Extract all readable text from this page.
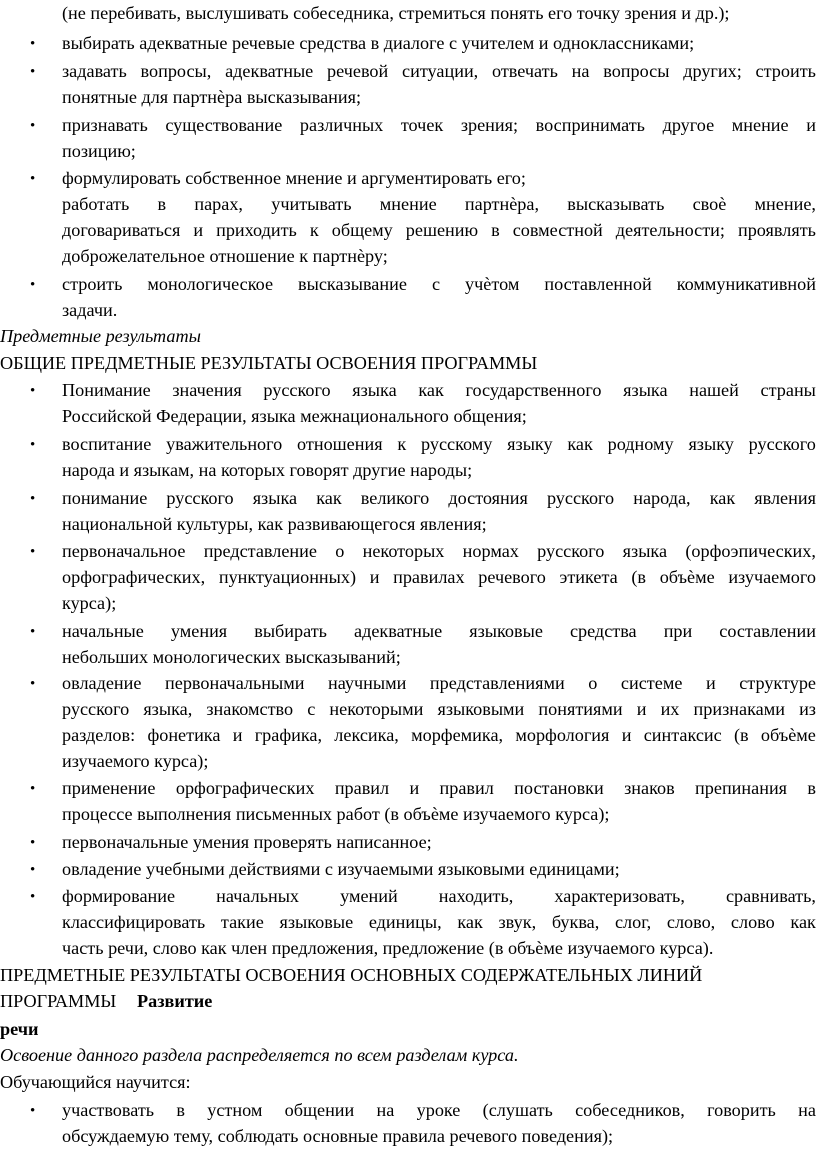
(не перебивать, выслушивать собеседника, стремиться понять его точку зрения и др.);
• выбирать адекватные речевые средства в диалоге с учителем и одноклассниками;
• задавать вопросы, адекватные речевой ситуации, отвечать на вопросы других; строить
понятные для партнѐра высказывания;
• признавать существование различных точек зрения; воспринимать другое мнение и
позицию;
• формулировать собственное мнение и аргументировать его;
работать в парах, учитывать мнение партнѐра, высказывать своѐ мнение,
договариваться и приходить к общему решению в совместной деятельности; проявлять
доброжелательное отношение к партнѐру;
• строить монологическое высказывание с учѐтом поставленной коммуникативной
задачи.
Предметные результаты
ОБЩИЕ ПРЕДМЕТНЫЕ РЕЗУЛЬТАТЫ ОСВОЕНИЯ ПРОГРАММЫ
• Понимание значения русского языка как государственного языка нашей страны
Российской Федерации, языка межнационального общения;
• воспитание уважительного отношения к русскому языку как родному языку русского
народа и языкам, на которых говорят другие народы;
• понимание русского языка как великого достояния русского народа, как явления
национальной культуры, как развивающегося явления;
• первоначальное представление о некоторых нормах русского языка (орфоэпических,
орфографических, пунктуационных) и правилах речевого этикета (в объѐме изучаемого
курса);
• начальные умения выбирать адекватные языковые средства при составлении
небольших монологических высказываний;
• овладение первоначальными научными представлениями о системе и структуре
русского языка, знакомство с некоторыми языковыми понятиями и их признаками из
разделов: фонетика и графика, лексика, морфемика, морфология и синтаксис (в объѐме
изучаемого курса);
• применение орфографических правил и правил постановки знаков препинания в
процессе выполнения письменных работ (в объѐме изучаемого курса);
• первоначальные умения проверять написанное;
• овладение учебными действиями с изучаемыми языковыми единицами;
• формирование начальных умений находить, характеризовать, сравнивать,
классифицировать такие языковые единицы, как звук, буква, слог, слово, слово как
часть речи, слово как член предложения, предложение (в объѐме изучаемого курса).
ПРЕДМЕТНЫЕ РЕЗУЛЬТАТЫ ОСВОЕНИЯ ОСНОВНЫХ СОДЕРЖАТЕЛЬНЫХ ЛИНИЙ
ПРОГРАММЫ Развитие
речи
Освоение данного раздела распределяется по всем разделам курса.
Обучающийся научится:
• участвовать в устном общении на уроке (слушать собеседников, говорить на
обсуждаемую тему, соблюдать основные правила речевого поведения);
